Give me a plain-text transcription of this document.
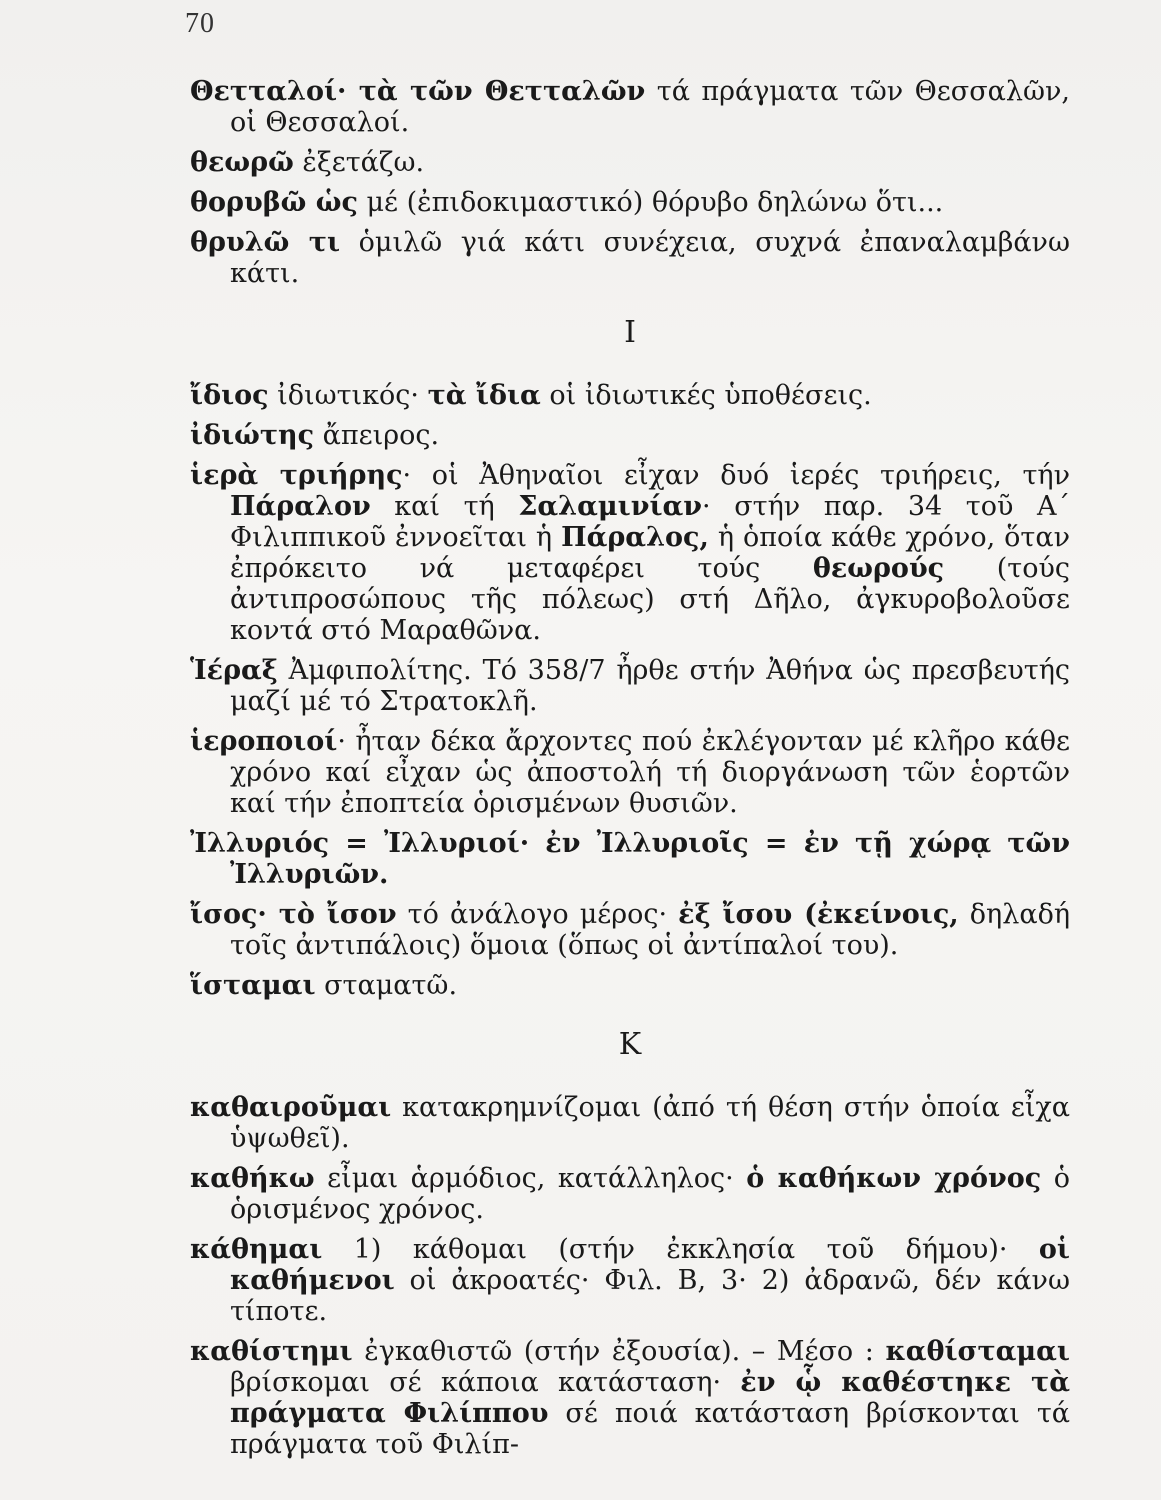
70
Θετταλοί· τὰ τῶν Θετταλῶν τά πράγματα τῶν Θεσσαλῶν, οἱ Θεσσαλοί.
θεωρῶ ἐξετάζω.
θορυβῶ ὡς μέ (ἐπιδοκιμαστικό) θόρυβο δηλώνω ὅτι...
θρυλῶ τι ὁμιλῶ γιά κάτι συνέχεια, συχνά ἐπαναλαμβάνω κάτι.
Ι
ἴδιος ἰδιωτικός· τὰ ἴδια οἱ ἰδιωτικές ὑποθέσεις.
ἰδιώτης ἄπειρος.
ἱερὰ τριήρης· οἱ Ἀθηναῖοι εἶχαν δυό ἱερές τριήρεις, τήν Πάραλον καί τή Σαλαμινίαν· στήν παρ. 34 τοῦ Α´ Φιλιππικοῦ ἐννοεῖται ἡ Πάραλος, ἡ ὁποία κάθε χρόνο, ὅταν ἐπρόκειτο νά μεταφέρει τούς θεωρούς (τούς ἀντιπροσώπους τῆς πόλεως) στή Δῆλο, ἀγκυροβολοῦσε κοντά στό Μαραθῶνα.
Ἱέραξ Ἀμφιπολίτης. Τό 358/7 ἦρθε στήν Ἀθήνα ὡς πρεσβευτής μαζί μέ τό Στρατοκλῆ.
ἱεροποιοί· ἦταν δέκα ἄρχοντες πού ἐκλέγονταν μέ κλῆρο κάθε χρόνο καί εἶχαν ὡς ἀποστολή τή διοργάνωση τῶν ἑορτῶν καί τήν ἐποπτεία ὁρισμένων θυσιῶν.
Ἰλλυριός = Ἰλλυριοί· ἐν Ἰλλυριοῖς = ἐν τῇ χώρᾳ τῶν Ἰλλυριῶν.
ἴσος· τὸ ἴσον τό ἀνάλογο μέρος· ἐξ ἴσου (ἐκείνοις, δηλαδή τοῖς ἀντιπάλοις) ὅμοια (ὅπως οἱ ἀντίπαλοί του).
ἵσταμαι σταματῶ.
Κ
καθαιροῦμαι κατακρημνίζομαι (ἀπό τή θέση στήν ὁποία εἶχα ὑψωθεῖ).
καθήκω εἶμαι ἁρμόδιος, κατάλληλος· ὁ καθήκων χρόνος ὁ ὁρισμένος χρόνος.
κάθημαι 1) κάθομαι (στήν ἐκκλησία τοῦ δήμου)· οἱ καθήμενοι οἱ ἀκροατές· Φιλ. Β, 3· 2) ἀδρανῶ, δέν κάνω τίποτε.
καθίστημι ἐγκαθιστῶ (στήν ἐξουσία). – Μέσο : καθίσταμαι βρίσκομαι σέ κάποια κατάσταση· ἐν ᾧ καθέστηκε τὰ πράγματα Φιλίππου σέ ποιά κατάσταση βρίσκονται τά πράγματα τοῦ Φιλίπ-
